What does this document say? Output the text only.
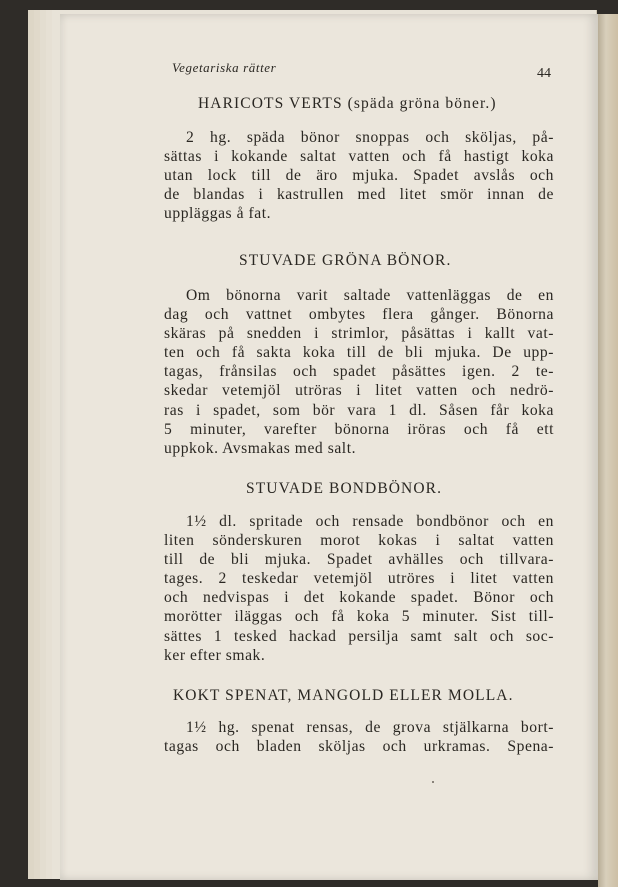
Vegetariska rätter	44
HARICOTS VERTS (späda gröna böner.)
2 hg. späda bönor snoppas och sköljas, på-
sättas i kokande saltat vatten och få hastigt koka
utan lock till de äro mjuka. Spadet avslås och
de blandas i kastrullen med litet smör innan de
uppläggas å fat.
STUVADE GRÖNA BÖNOR.
Om bönorna varit saltade vattenläggas de en
dag och vattnet ombytes flera gånger. Bönorna
skäras på snedden i strimlor, påsättas i kallt vat-
ten och få sakta koka till de bli mjuka. De upp-
tagas, frånsilas och spadet påsättes igen. 2 te-
skedar vetemjöl utröras i litet vatten och nedrö-
ras i spadet, som bör vara 1 dl. Såsen får koka
5 minuter, varefter bönorna iröras och få ett
uppkok. Avsmakas med salt.
STUVADE BONDBÖNOR.
1½ dl. spritade och rensade bondbönor och en
liten sönderskuren morot kokas i saltat vatten
till de bli mjuka. Spadet avhälles och tillvara-
tages. 2 teskedar vetemjöl utröres i litet vatten
och nedvispas i det kokande spadet. Bönor och
morötter iläggas och få koka 5 minuter. Sist till-
sättes 1 tesked hackad persilja samt salt och soc-
ker efter smak.
KOKT SPENAT, MANGOLD ELLER MOLLA.
1½ hg. spenat rensas, de grova stjälkarna bort-
tagas och bladen sköljas och urkramas. Spena-
